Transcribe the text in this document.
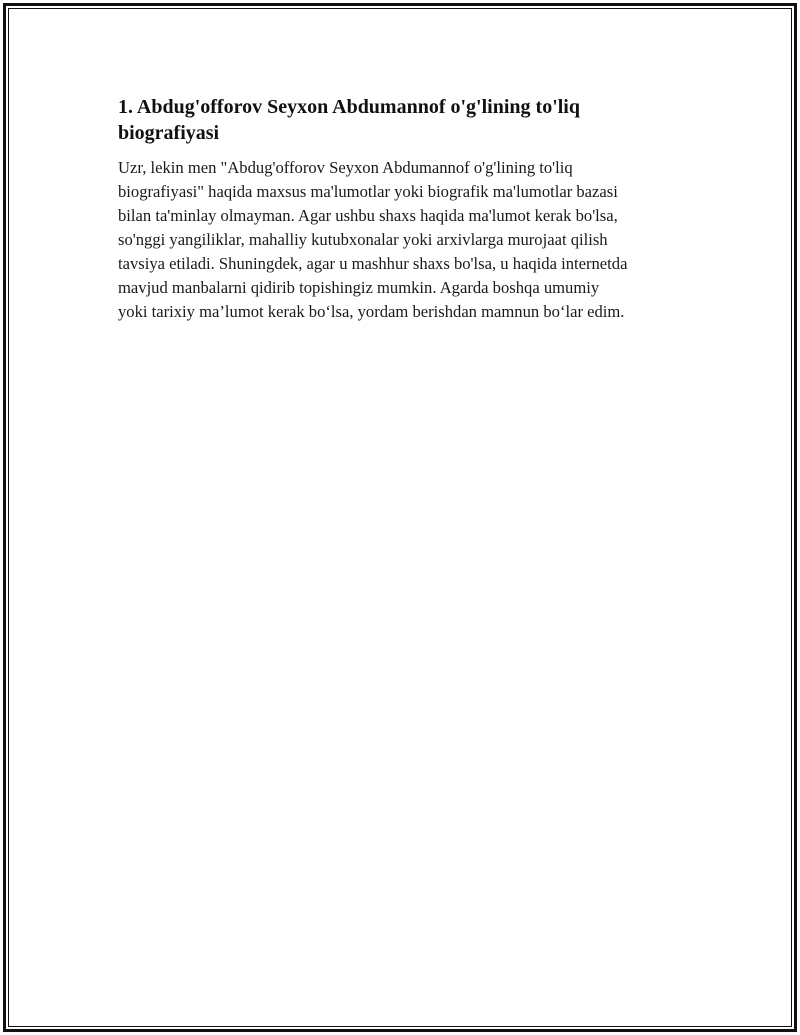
1. Abdug'offorov Seyxon Abdumannof o'g'lining to'liq
biografiyasi

Uzr, lekin men "Abdug'offorov Seyxon Abdumannof o'g'lining to'liq
biografiyasi" haqida maxsus ma'lumotlar yoki biografik ma'lumotlar bazasi
bilan ta'minlay olmayman. Agar ushbu shaxs haqida ma'lumot kerak bo'lsa,
so'nggi yangiliklar, mahalliy kutubxonalar yoki arxivlarga murojaat qilish
tavsiya etiladi. Shuningdek, agar u mashhur shaxs bo'lsa, u haqida internetda
mavjud manbalarni qidirib topishingiz mumkin. Agarda boshqa umumiy
yoki tarixiy ma’lumot kerak bo‘lsa, yordam berishdan mamnun bo‘lar edim.
